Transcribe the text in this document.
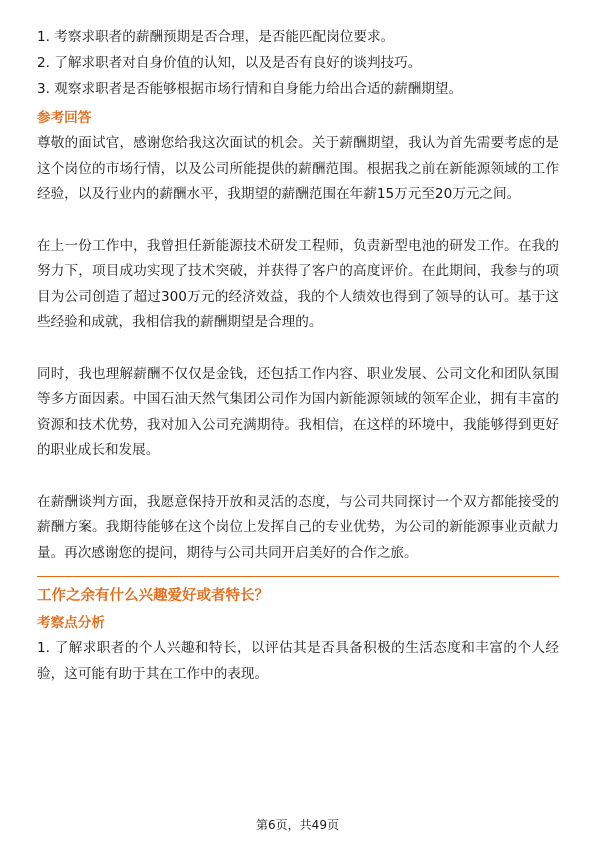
1. 考察求职者的薪酬预期是否合理，是否能匹配岗位要求。

2. 了解求职者对自身价值的认知，以及是否有良好的谈判技巧。

3. 观察求职者是否能够根据市场行情和自身能力给出合适的薪酬期望。

参考回答

尊敬的面试官，感谢您给我这次面试的机会。关于薪酬期望，我认为首先需要考虑的是这个岗位的市场行情，以及公司所能提供的薪酬范围。根据我之前在新能源领域的工作经验，以及行业内的薪酬水平，我期望的薪酬范围在年薪15万元至20万元之间。

在上一份工作中，我曾担任新能源技术研发工程师，负责新型电池的研发工作。在我的努力下，项目成功实现了技术突破，并获得了客户的高度评价。在此期间，我参与的项目为公司创造了超过300万元的经济效益，我的个人绩效也得到了领导的认可。基于这些经验和成就，我相信我的薪酬期望是合理的。

同时，我也理解薪酬不仅仅是金钱，还包括工作内容、职业发展、公司文化和团队氛围等多方面因素。中国石油天然气集团公司作为国内新能源领域的领军企业，拥有丰富的资源和技术优势，我对加入公司充满期待。我相信，在这样的环境中，我能够得到更好的职业成长和发展。

在薪酬谈判方面，我愿意保持开放和灵活的态度，与公司共同探讨一个双方都能接受的薪酬方案。我期待能够在这个岗位上发挥自己的专业优势，为公司的新能源事业贡献力量。再次感谢您的提问，期待与公司共同开启美好的合作之旅。

工作之余有什么兴趣爱好或者特长？
考察点分析

1. 了解求职者的个人兴趣和特长，以评估其是否具备积极的生活态度和丰富的个人经验，这可能有助于其在工作中的表现。

第6页，共49页
